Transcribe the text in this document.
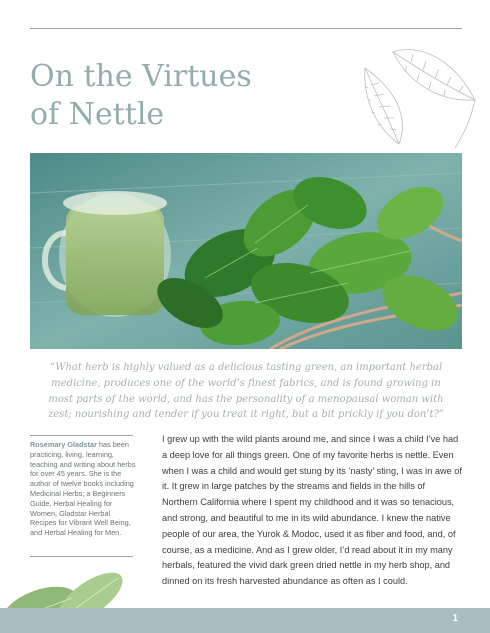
On the Virtues
of Nettle

“What herb is highly valued as a delicious tasting green, an important herbal medicine, produces one of the world’s finest fabrics, and is found growing in most parts of the world, and has the personality of a menopausal woman with zest; nourishing and tender if you treat it right, but a bit prickly if you don’t?”

Rosemary Gladstar has been practicing, living, learning, teaching and writing about herbs for over 45 years. She is the author of twelve books including Medicinal Herbs; a Beginners Guide, Herbal Healing for Women, Gladstar Herbal Recipes for Vibrant Well Being, and Herbal Healing for Men.

I grew up with the wild plants around me, and since I was a child I’ve had a deep love for all things green. One of my favorite herbs is nettle. Even when I was a child and would get stung by its ‘nasty’ sting, I was in awe of it. It grew in large patches by the streams and fields in the hills of Northern California where I spent my childhood and it was so tenacious, and strong, and beautiful to me in its wild abundance. I knew the native people of our area, the Yurok & Modoc, used it as fiber and food, and, of course, as a medicine. And as I grew older, I’d read about it in my many herbals, featured the vivid dark green dried nettle in my herb shop, and dinned on its fresh harvested abundance as often as I could.

1
